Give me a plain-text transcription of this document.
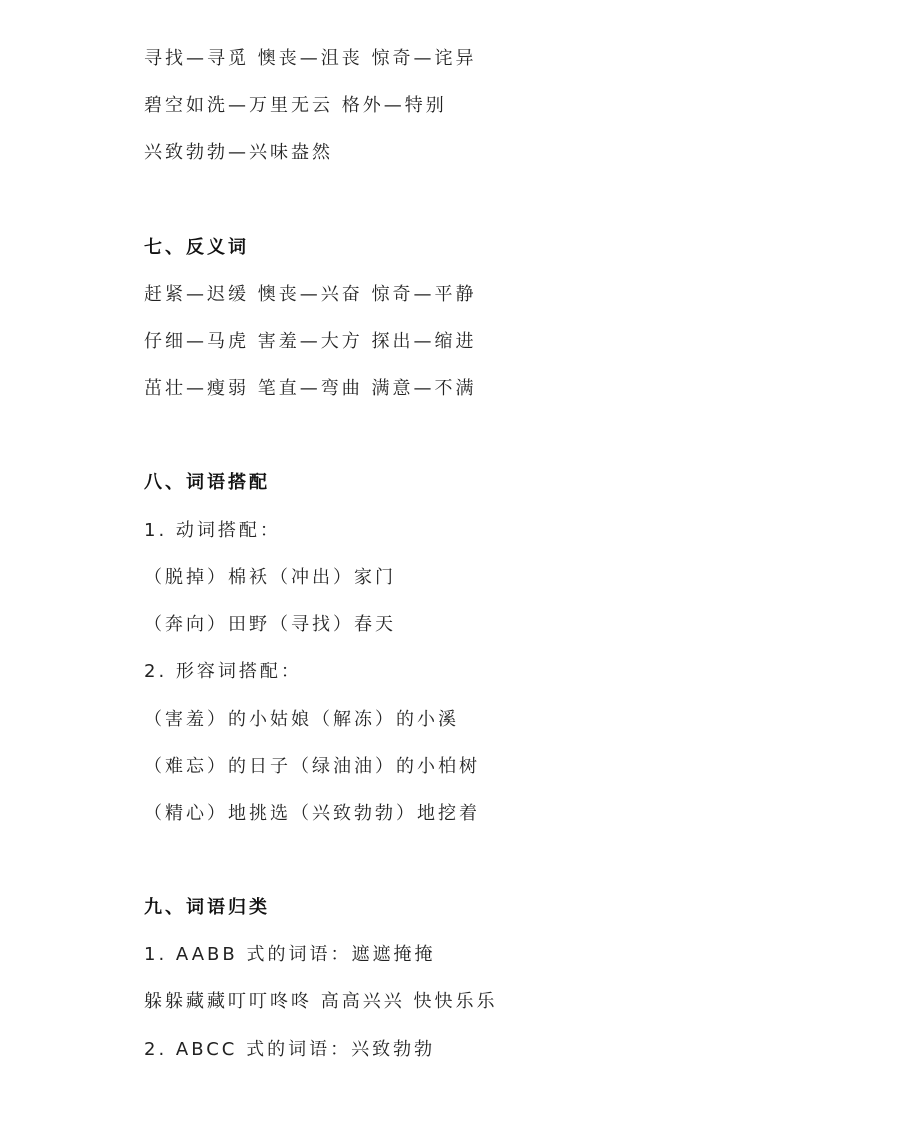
寻找—寻觅 懊丧—沮丧 惊奇—诧异
碧空如洗—万里无云 格外—特别
兴致勃勃—兴味盎然
七、反义词
赶紧—迟缓 懊丧—兴奋 惊奇—平静
仔细—马虎 害羞—大方 探出—缩进
茁壮—瘦弱 笔直—弯曲 满意—不满
八、词语搭配
1. 动词搭配：
（脱掉）棉袄（冲出）家门
（奔向）田野（寻找）春天
2. 形容词搭配：
（害羞）的小姑娘（解冻）的小溪
（难忘）的日子（绿油油）的小柏树
（精心）地挑选（兴致勃勃）地挖着
九、词语归类
1. AABB 式的词语：遮遮掩掩
躲躲藏藏叮叮咚咚 高高兴兴 快快乐乐
2. ABCC 式的词语：兴致勃勃
